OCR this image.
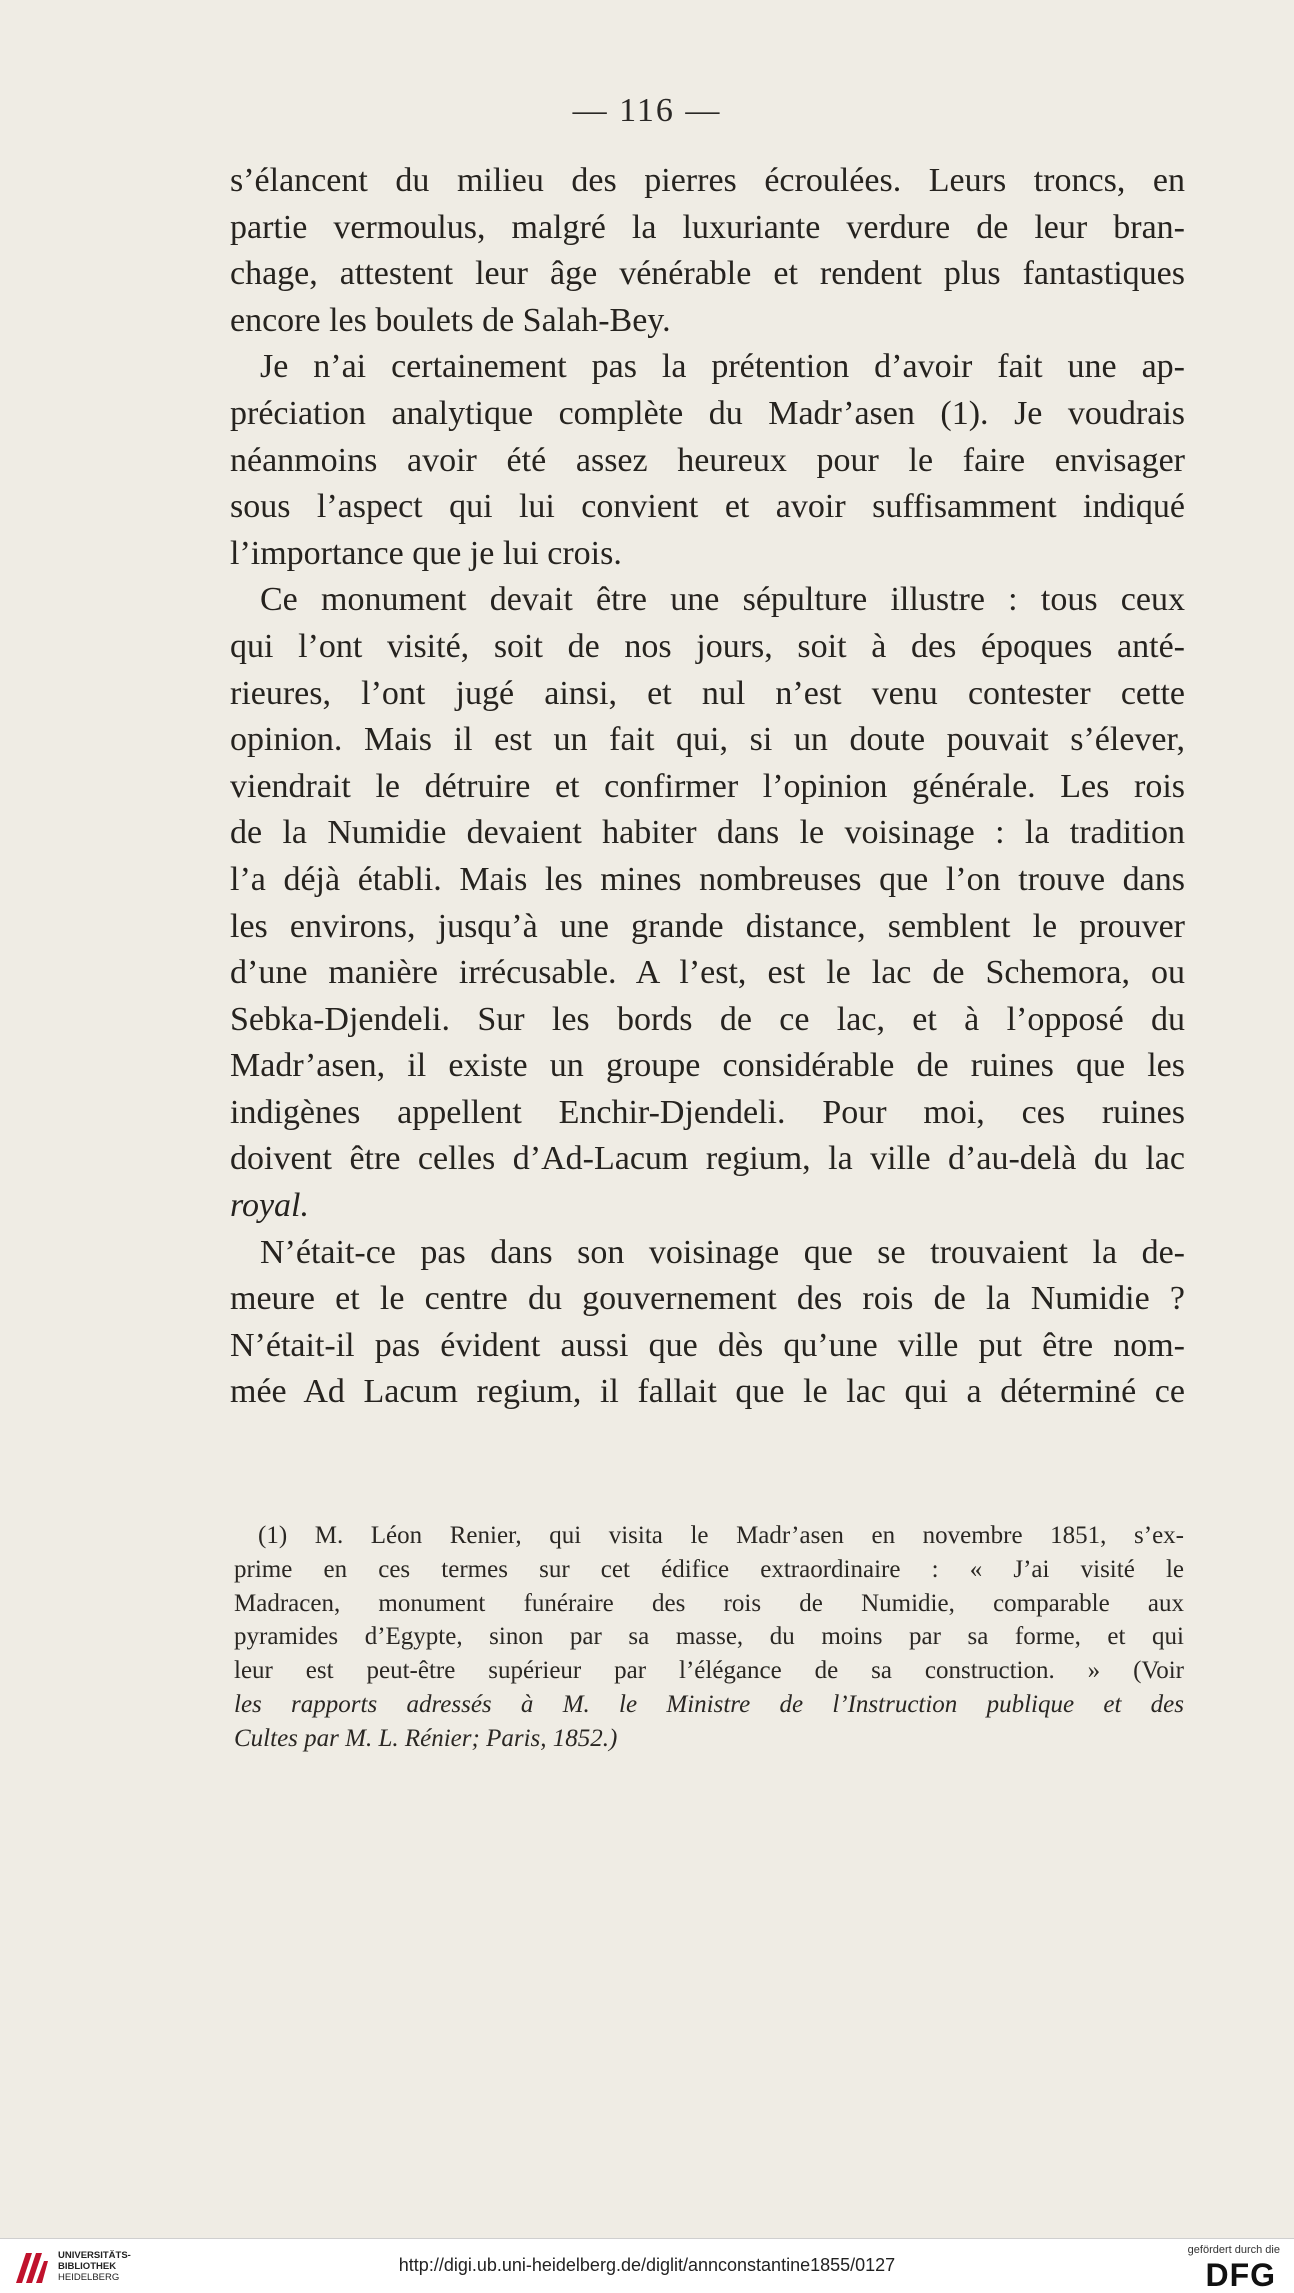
— 116 —
s’élancent du milieu des pierres écroulées. Leurs troncs, en
partie vermoulus, malgré la luxuriante verdure de leur bran-
chage, attestent leur âge vénérable et rendent plus fantastiques
encore les boulets de Salah-Bey.
Je n’ai certainement pas la prétention d’avoir fait une ap-
préciation analytique complète du Madr’asen (1). Je voudrais
néanmoins avoir été assez heureux pour le faire envisager
sous l’aspect qui lui convient et avoir suffisamment indiqué
l’importance que je lui crois.
Ce monument devait être une sépulture illustre : tous ceux
qui l’ont visité, soit de nos jours, soit à des époques anté-
rieures, l’ont jugé ainsi, et nul n’est venu contester cette
opinion. Mais il est un fait qui, si un doute pouvait s’élever,
viendrait le détruire et confirmer l’opinion générale. Les rois
de la Numidie devaient habiter dans le voisinage : la tradition
l’a déjà établi. Mais les mines nombreuses que l’on trouve dans
les environs, jusqu’à une grande distance, semblent le prouver
d’une manière irrécusable. A l’est, est le lac de Schemora, ou
Sebka-Djendeli. Sur les bords de ce lac, et à l’opposé du
Madr’asen, il existe un groupe considérable de ruines que les
indigènes appellent Enchir-Djendeli. Pour moi, ces ruines
doivent être celles d’Ad-Lacum regium, la ville d’au-delà du lac
royal.
N’était-ce pas dans son voisinage que se trouvaient la de-
meure et le centre du gouvernement des rois de la Numidie ?
N’était-il pas évident aussi que dès qu’une ville put être nom-
mée Ad Lacum regium, il fallait que le lac qui a déterminé ce
(1) M. Léon Renier, qui visita le Madr’asen en novembre 1851, s’ex-
prime en ces termes sur cet édifice extraordinaire : « J’ai visité le
Madracen, monument funéraire des rois de Numidie, comparable aux
pyramides d’Egypte, sinon par sa masse, du moins par sa forme, et qui
leur est peut-être supérieur par l’élégance de sa construction. » (Voir
les rapports adressés à M. le Ministre de l’Instruction publique et des
Cultes par M. L. Rénier; Paris, 1852.)
UNIVERSITÄTS-
BIBLIOTHEK
HEIDELBERG
http://digi.ub.uni-heidelberg.de/diglit/annconstantine1855/0127
gefördert durch die
DFG
